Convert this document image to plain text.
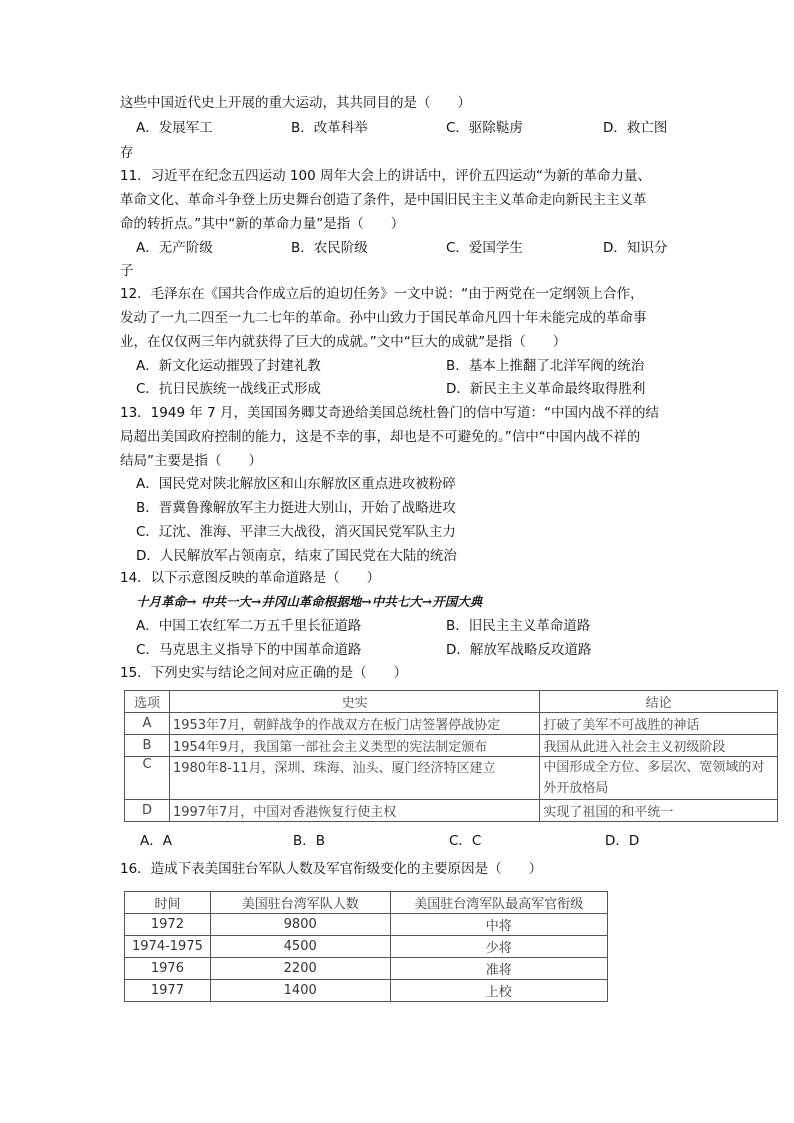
这些中国近代史上开展的重大运动，其共同目的是（　　）
A．发展军工	B．改革科举	C．驱除鞑虏	D．救亡图
存
11．习近平在纪念五四运动 100 周年大会上的讲话中，评价五四运动“为新的革命力量、
革命文化、革命斗争登上历史舞台创造了条件，是中国旧民主主义革命走向新民主主义革
命的转折点。”其中“新的革命力量”是指（　　）
A．无产阶级	B．农民阶级	C．爱国学生	D．知识分
子
12．毛泽东在《国共合作成立后的迫切任务》一文中说：“由于两党在一定纲领上合作，
发动了一九二四至一九二七年的革命。孙中山致力于国民革命凡四十年未能完成的革命事
业，在仅仅两三年内就获得了巨大的成就。”文中“巨大的成就”是指（　　）
A．新文化运动摧毁了封建礼教	B．基本上推翻了北洋军阀的统治
C．抗日民族统一战线正式形成	D．新民主主义革命最终取得胜利
13．1949 年 7 月，美国国务卿艾奇逊给美国总统杜鲁门的信中写道：“中国内战不祥的结
局超出美国政府控制的能力，这是不幸的事，却也是不可避免的。”信中“中国内战不祥的
结局”主要是指（　　）
A．国民党对陕北解放区和山东解放区重点进攻被粉碎
B．晋冀鲁豫解放军主力挺进大别山，开始了战略进攻
C．辽沈、淮海、平津三大战役，消灭国民党军队主力
D．人民解放军占领南京，结束了国民党在大陆的统治
14．以下示意图反映的革命道路是（　　）
十月革命→ 中共一大→井冈山革命根据地→中共七大→开国大典
A．中国工农红军二万五千里长征道路	B．旧民主主义革命道路
C．马克思主义指导下的中国革命道路	D．解放军战略反攻道路
15．下列史实与结论之间对应正确的是（　　）
选项	史实	结论
A	1953年7月，朝鲜战争的作战双方在板门店签署停战协定	打破了美军不可战胜的神话
B	1954年9月，我国第一部社会主义类型的宪法制定颁布	我国从此进入社会主义初级阶段
C	1980年8-11月，深圳、珠海、汕头、厦门经济特区建立	中国形成全方位、多层次、宽领域的对外开放格局
D	1997年7月，中国对香港恢复行使主权	实现了祖国的和平统一
A．A	B．B	C．C	D．D
16．造成下表美国驻台军队人数及军官衔级变化的主要原因是（　　）
时间	美国驻台湾军队人数	美国驻台湾军队最高军官衔级
1972	9800	中将
1974-1975	4500	少将
1976	2200	准将
1977	1400	上校
